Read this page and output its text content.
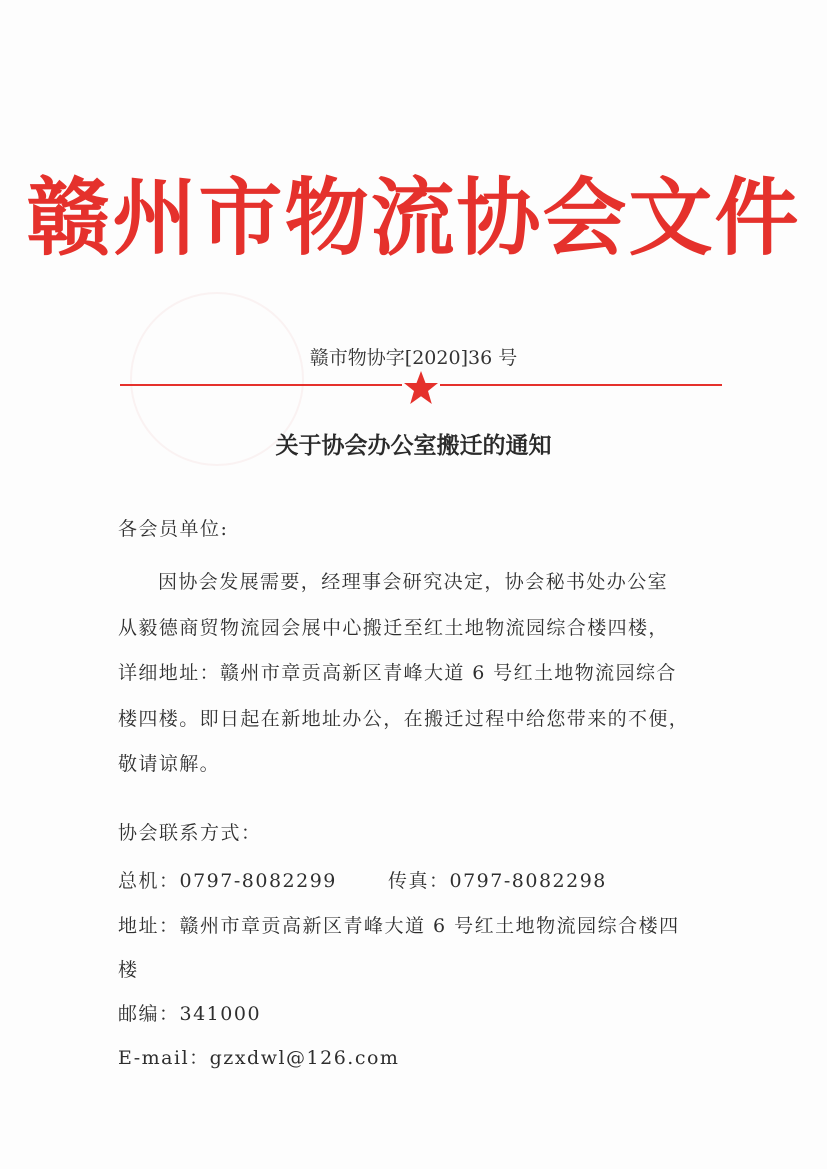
赣州市物流协会文件
赣市物协字[2020]36 号
关于协会办公室搬迁的通知
各会员单位:
因协会发展需要，经理事会研究决定，协会秘书处办公室
从毅德商贸物流园会展中心搬迁至红土地物流园综合楼四楼，
详细地址：赣州市章贡高新区青峰大道 6 号红土地物流园综合
楼四楼。即日起在新地址办公，在搬迁过程中给您带来的不便，
敬请谅解。
协会联系方式：
总机：0797-8082299	传真：0797-8082298
地址：赣州市章贡高新区青峰大道 6 号红土地物流园综合楼四
楼
邮编：341000
E-mail：gzxdwl@126.com
